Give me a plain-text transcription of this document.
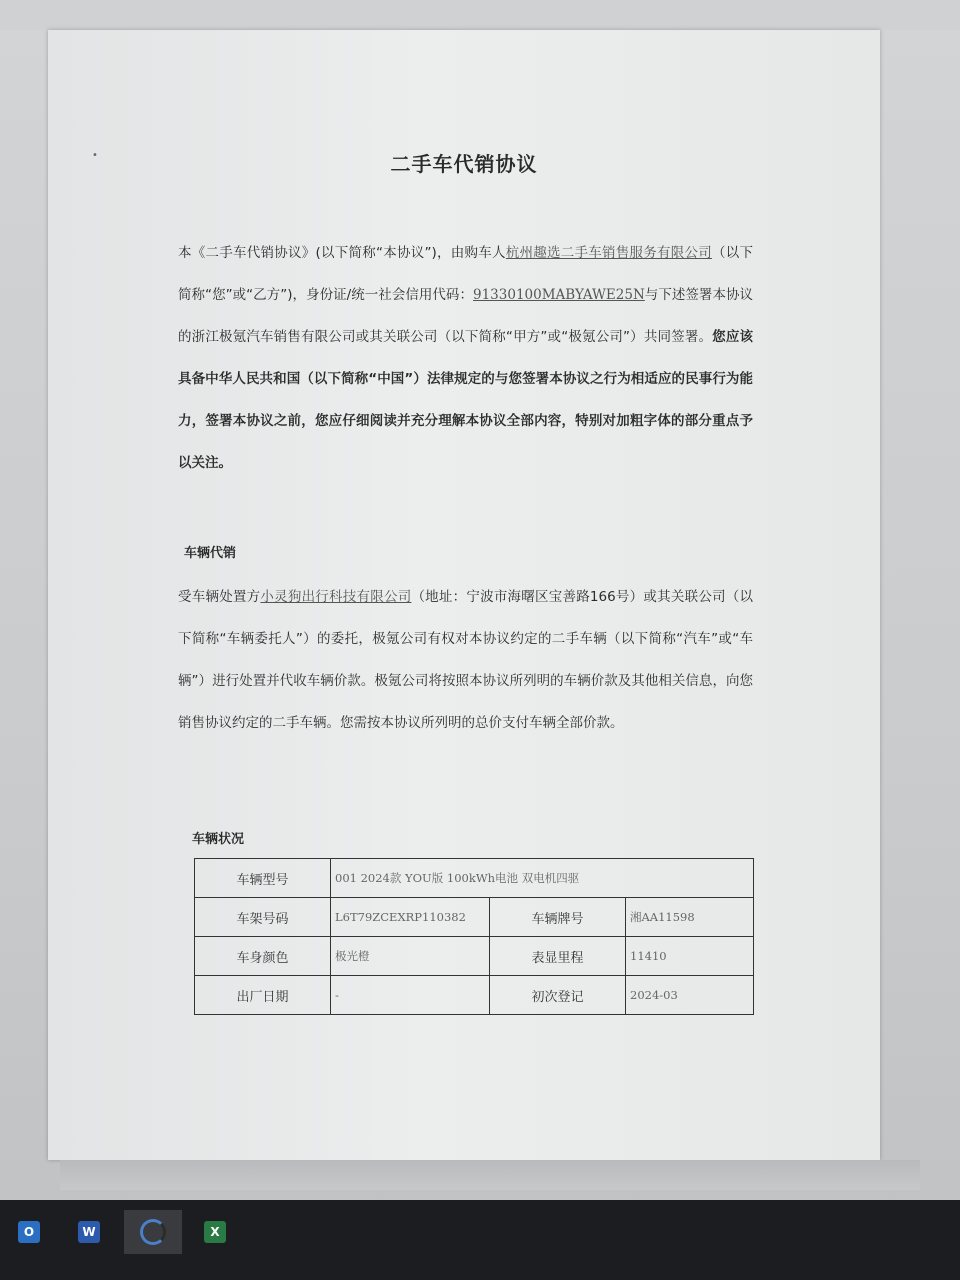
•	二手车代销协议
本《二手车代销协议》(以下简称“本协议”)，由购车人杭州趣选二手车销售服务有限公司（以下简称“您”或“乙方”)，身份证/统一社会信用代码：91330100MABYAWE25N与下述签署本协议的浙江极氪汽车销售有限公司或其关联公司（以下简称“甲方”或“极氪公司”）共同签署。您应该具备中华人民共和国（以下简称“中国”）法律规定的与您签署本协议之行为相适应的民事行为能力，签署本协议之前，您应仔细阅读并充分理解本协议全部内容，特别对加粗字体的部分重点予以关注。
车辆代销
受车辆处置方小灵狗出行科技有限公司（地址：宁波市海曙区宝善路166号）或其关联公司（以下简称“车辆委托人”）的委托，极氪公司有权对本协议约定的二手车辆（以下简称“汽车”或“车辆”）进行处置并代收车辆价款。极氪公司将按照本协议所列明的车辆价款及其他相关信息，向您销售协议约定的二手车辆。您需按本协议所列明的总价支付车辆全部价款。
车辆状况
车辆型号	001 2024款 YOU版 100kWh电池 双电机四驱		
车架号码	L6T79ZCEXRP110382	车辆牌号	湘AA11598
车身颜色	极光橙	表显里程	11410
出厂日期	-	初次登记	2024-03
O	W	X
